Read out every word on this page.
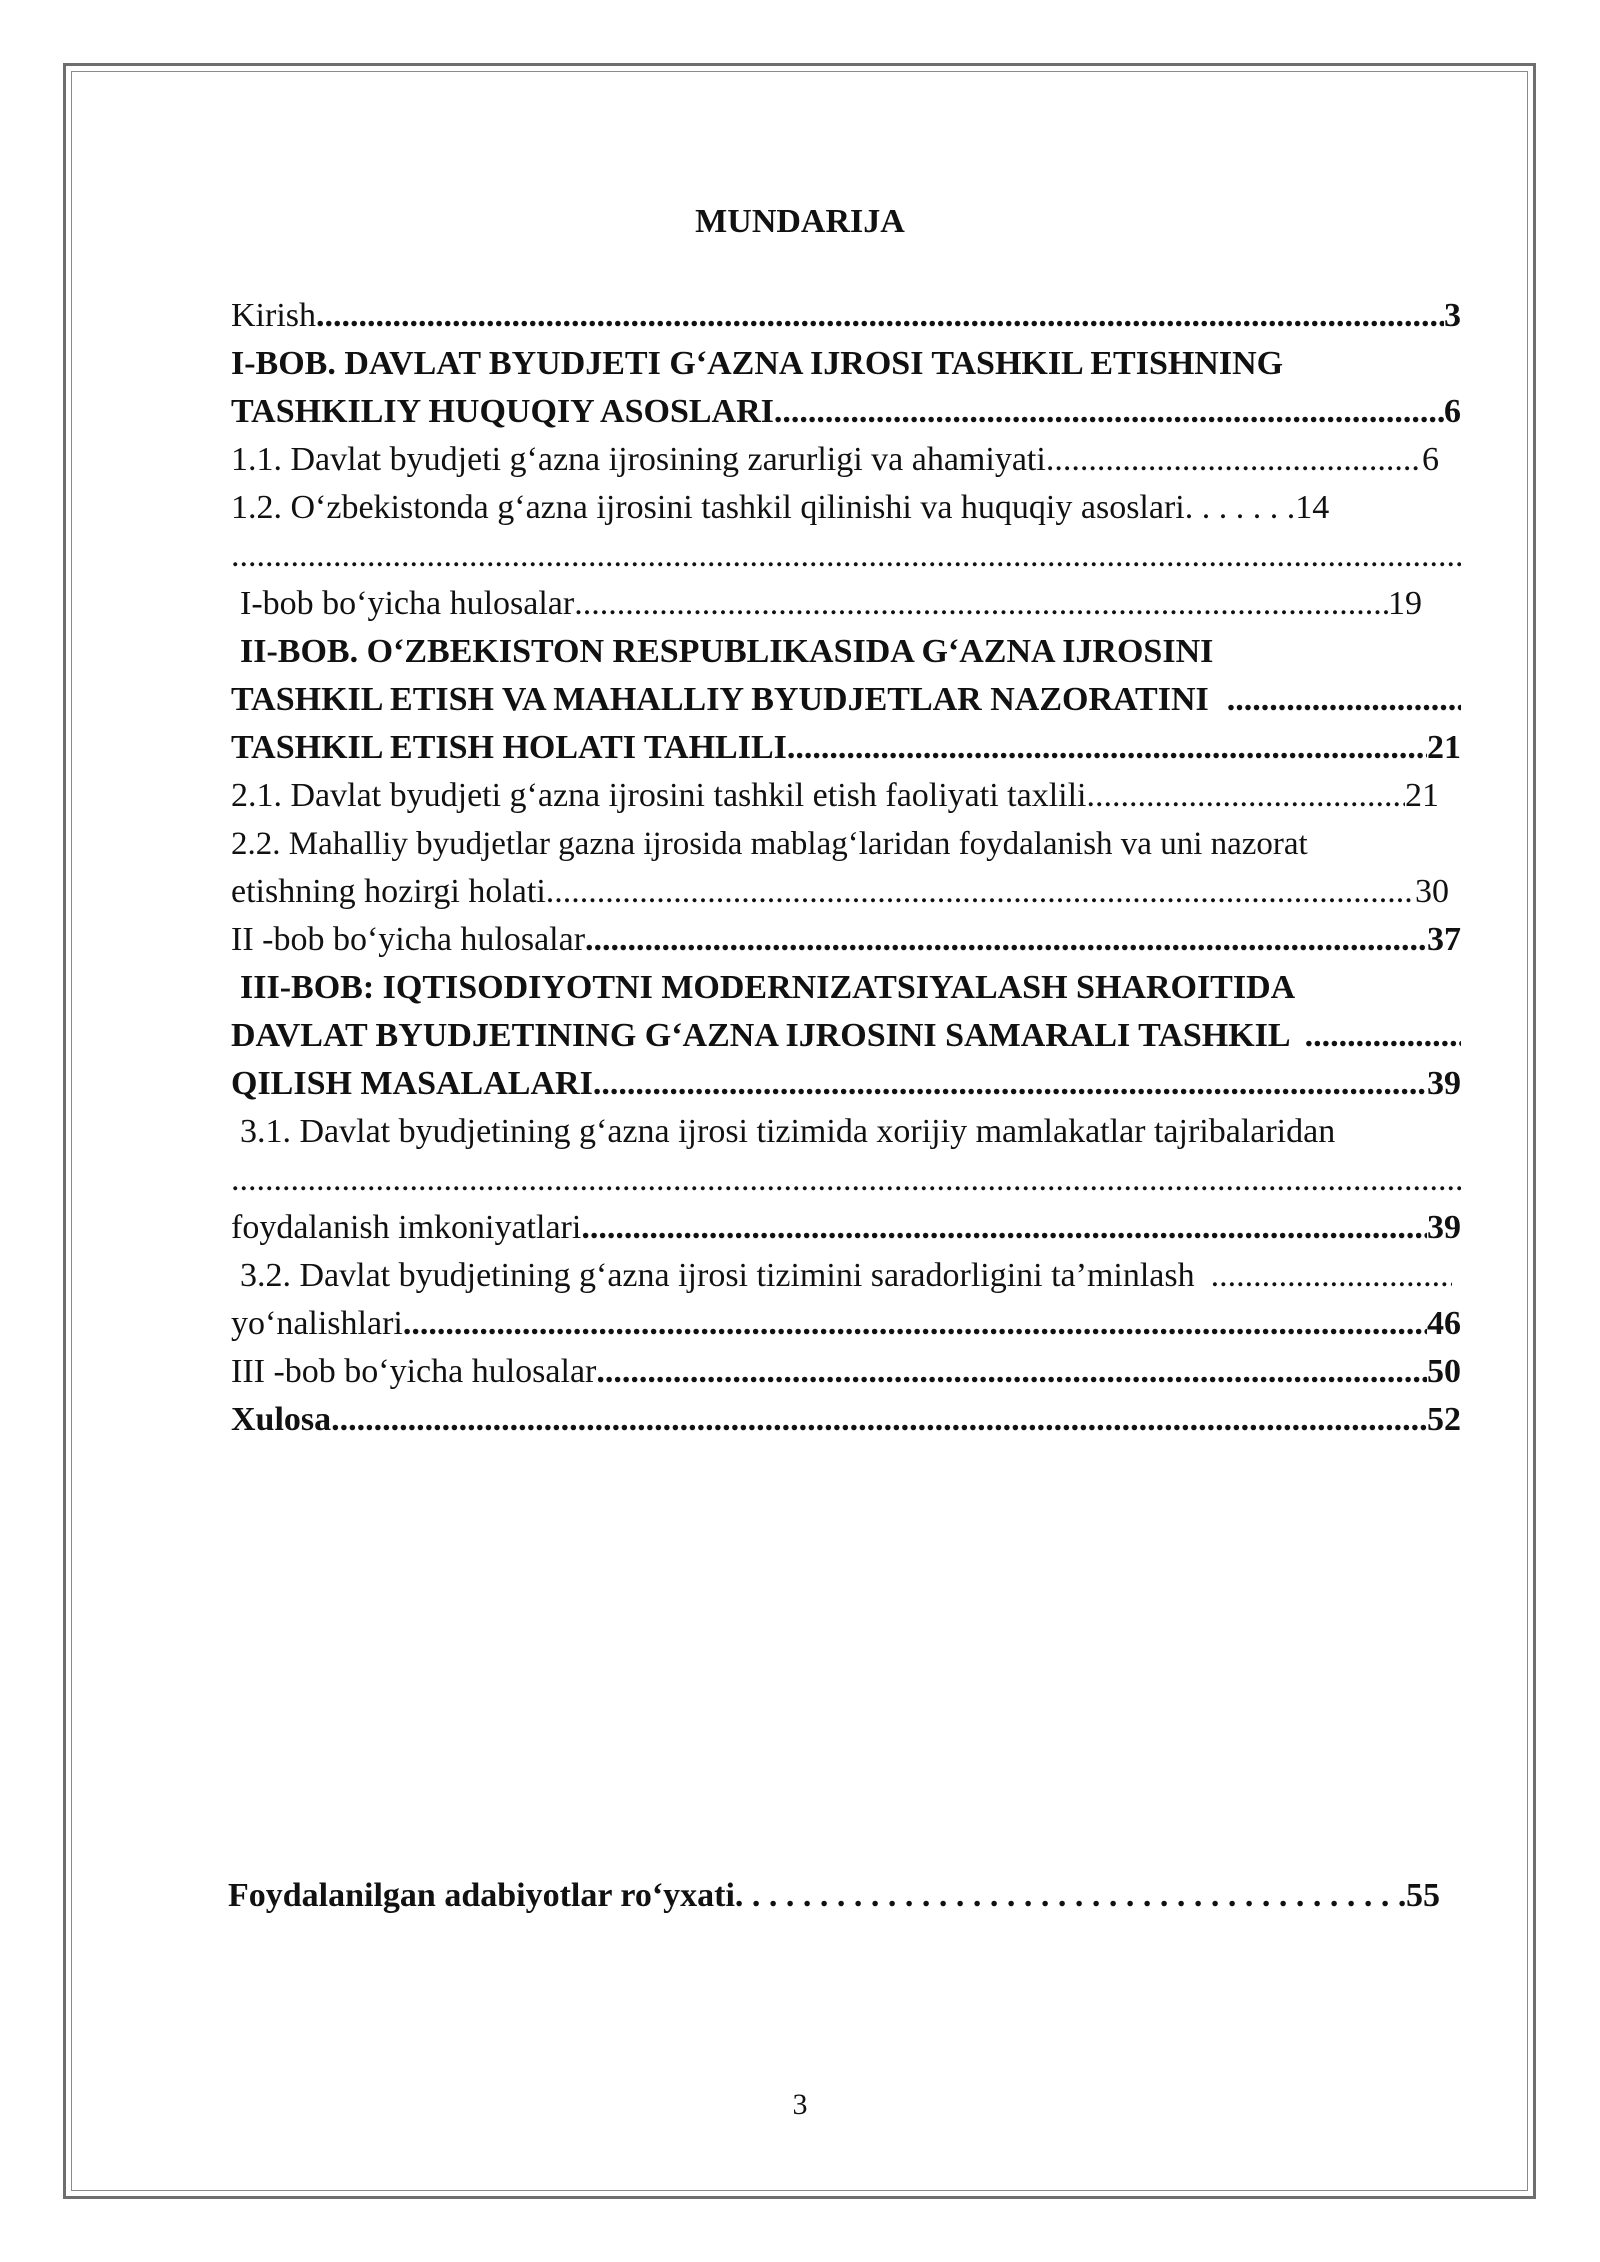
MUNDARIJA
Kirish .....	3
I-BOB. DAVLAT BYUDJETI G‘AZNA IJROSI TASHKIL ETISHNING
TASHKILIY HUQUQIY ASOSLARI .....	6
1.1. Davlat byudjeti g‘azna ijrosining zarurligi va ahamiyati .....	6
1.2. O‘zbekistonda g‘azna ijrosini tashkil qilinishi va huquqiy asoslari. . . . . . .14
.....
I-bob bo‘yicha hulosalar .....	19
II-BOB. O‘ZBEKISTON RESPUBLIKASIDA G‘AZNA IJROSINI
TASHKIL ETISH VA MAHALLIY BYUDJETLAR NAZORATINI
.....
TASHKIL ETISH HOLATI TAHLILI .....	21
2.1. Davlat byudjeti g‘azna ijrosini tashkil etish faoliyati taxlili .....	21
2.2. Mahalliy byudjetlar gazna ijrosida mablag‘laridan foydalanish va uni nazorat
etishning hozirgi holati .....	30
II -bob bo‘yicha hulosalar .....	37
III-BOB: IQTISODIYOTNI MODERNIZATSIYALASH SHAROITIDA
DAVLAT BYUDJETINING G‘AZNA IJROSINI SAMARALI TASHKIL
.....
QILISH MASALALARI .....	39
3.1. Davlat byudjetining g‘azna ijrosi tizimida xorijiy mamlakatlar tajribalaridan
.....
foydalanish imkoniyatlari .....	39
3.2. Davlat byudjetining g‘azna ijrosi tizimini saradorligini ta’minlash
.....
yo‘nalishlari .....	46
III -bob bo‘yicha hulosalar .....	50
Xulosa .....	52
Foydalanilgan adabiyotlar ro‘yxati . . .	55
3
